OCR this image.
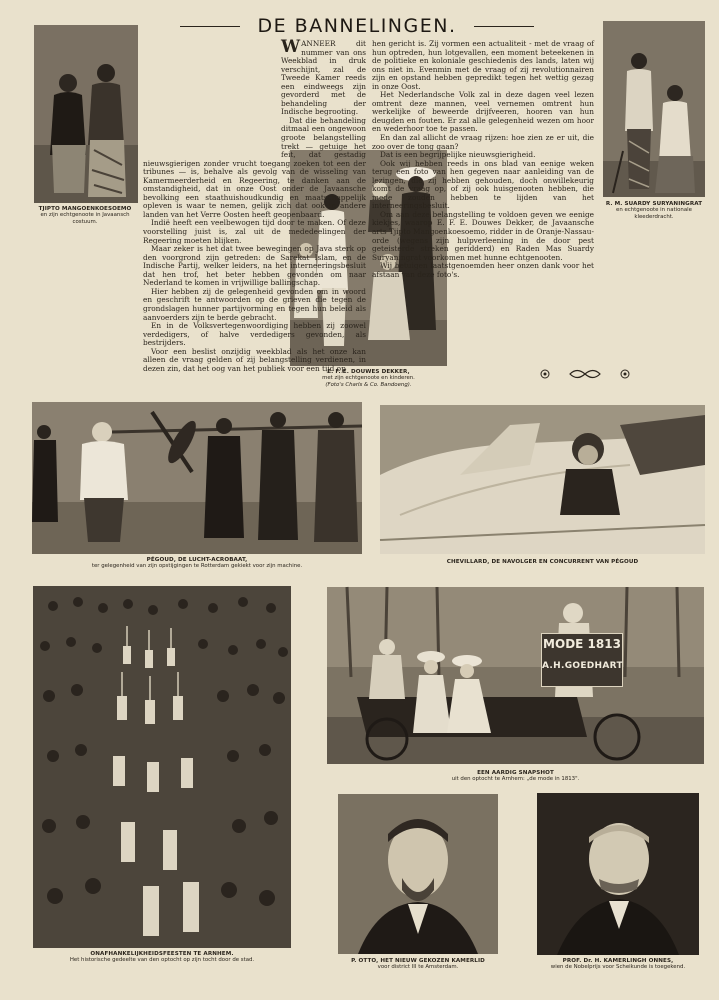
DE BANNELINGEN.
TJIPTO MANGOENKOESOEMO
en zijn echtgenoote in Javaansch costuum.
R. M. SUARDY SURYANINGRAT
en echtgenoote in nationale kleederdracht.
E. F. E. DOUWES DEKKER,
met zijn echtgenoote en kinderen.
(Foto's Charls & Co. Bandoeng).

WANNEER dit nummer van ons Weekblad in druk verschijnt, zal de Tweede Kamer reeds een eindweegs zijn gevorderd met de behandeling der Indische begrooting.

Dat die behandeling ditmaal een ongewoon groote belangstelling trekt — getuige het feit, dat gestadig nieuwsgierigen zonder vrucht toegang zoeken tot een der tribunes — is, behalve als gevolg van de wisseling van Kamermeerderheid en Regeering, te danken aan de omstandigheid, dat in onze Oost onder de Javaansche bevolking een staathuishoudkundig en maatschappelijk opleven is waar te nemen, gelijk zich dat ook in andere landen van het Verre Oosten heeft geopenbaard.

Indië heeft een veelbewogen tijd door te maken. Of deze voorstelling juist is, zal uit de mededeelingen der Regeering moeten blijken.

Maar zeker is het dat twee bewegingen op Java sterk op den voorgrond zijn getreden: de Sarekat Islam, en de Indische Partij, welker leiders, na het interneeringsbesluit dat hen trof, het beter hebben gevonden om naar Nederland te komen in vrijwillige ballingschap.

Hier hebben zij de gelegenheid gevonden om in woord en geschrift te antwoorden op de grieven die tegen de grondslagen hunner partijvorming en tegen hun beleid als aanvoerders zijn te berde gebracht.

En in de Volksvertegenwoordiging hebben zij zoowel verdedigers, of halve verdedigers gevonden, als bestrijders.

Voor een beslist onzijdig weekblad als het onze kan alleen de vraag gelden of zij belangstelling verdienen, in dezen zin, dat het oog van het publiek voor een tijd op

hen gericht is. Zij vormen een actualiteit - met de vraag of hun optreden, hun lotgevallen, een moment beteekenen in de politieke en koloniale geschiedenis des lands, laten wij ons niet in. Evenmin met de vraag of zij revolutionnairen zijn en opstand hebben gepredikt tegen het wettig gezag in onze Oost.

Het Nederlandsche Volk zal in deze dagen veel lezen omtrent deze mannen, veel vernemen omtrent hun werkelijke of beweerde drijfveeren, hooren van hun deugden en fouten. Er zal alle gelegenheid wezen om hoor en wederhoor toe te passen.

En dan zal allicht de vraag rijzen: hoe zien ze er uit, die zoo over de tong gaan?

Dat is een begrijpelijke nieuwsgierigheid.

Ook wij hebben reeds in ons blad van eenige weken terug een foto van hen gegeven naar aanleiding van de lezingen, die zij hebben gehouden, doch onwillekeurig komt de vraag op, of zij ook huisgenooten hebben, die mede zouden hebben te lijden van het interneeringsbesluit.

Om aan deze belangstelling te voldoen geven we eenige kiekjes, waarop E. F. E. Douwes Dekker, de Javaansche arts Tjipto Mangoenkoesoemo, ridder in de Oranje-Nassau-orde (wegens zijn hulpverleening in de door pest geteisterde streken geridderd) en Raden Mas Suardy Suryaningrat voorkomen met hunne echtgenooten.

Wij betuigen laatstgenoemden heer onzen dank voor het afstaan van deze foto's.

PÉGOUD, DE LUCHT-ACROBAAT,
ter gelegenheid van zijn opstijgingen te Rotterdam gekiekt voor zijn machine.
CHEVILLARD, DE NAVOLGER EN CONCURRENT VAN PÉGOUD
ONAFHANKELIJKHEIDSFEESTEN TE ARNHEM.
Het historische gedeelte van den optocht op zijn tocht door de stad.
MODE 1813
A.H.GOEDHART
EEN AARDIG SNAPSHOT
uit den optocht te Arnhem: „de mode in 1813".
P. OTTO, HET NIEUW GEKOZEN KAMERLID
voor district III te Amsterdam.
PROF. Dr. H. KAMERLINGH ONNES,
wien de Nobelprijs voor Scheikunde is toegekend.
